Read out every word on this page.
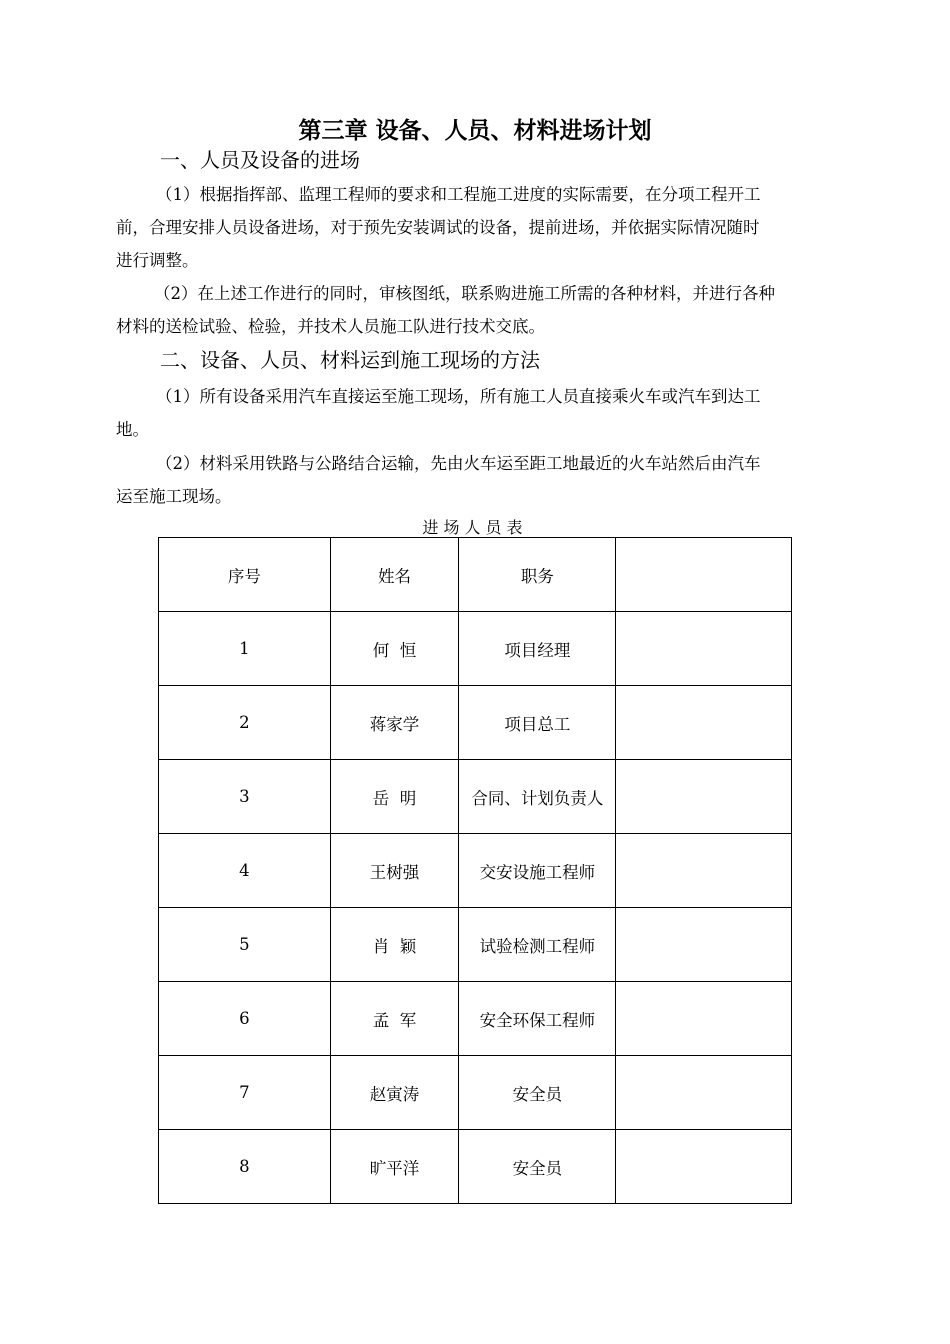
第三章 设备、人员、材料进场计划
一、人员及设备的进场
（1）根据指挥部、监理工程师的要求和工程施工进度的实际需要，在分项工程开工
前，合理安排人员设备进场，对于预先安装调试的设备，提前进场，并依据实际情况随时
进行调整。
（2）在上述工作进行的同时，审核图纸，联系购进施工所需的各种材料，并进行各种
材料的送检试验、检验，并技术人员施工队进行技术交底。
二、设备、人员、材料运到施工现场的方法
（1）所有设备采用汽车直接运至施工现场，所有施工人员直接乘火车或汽车到达工
地。
（2）材料采用铁路与公路结合运输，先由火车运至距工地最近的火车站然后由汽车
运至施工现场。
进场人员表
序号	姓名	职务	
1	何  恒	项目经理	
2	蒋家学	项目总工	
3	岳  明	合同、计划负责人	
4	王树强	交安设施工程师	
5	肖  颖	试验检测工程师	
6	孟  军	安全环保工程师	
7	赵寅涛	安全员	
8	旷平洋	安全员	
